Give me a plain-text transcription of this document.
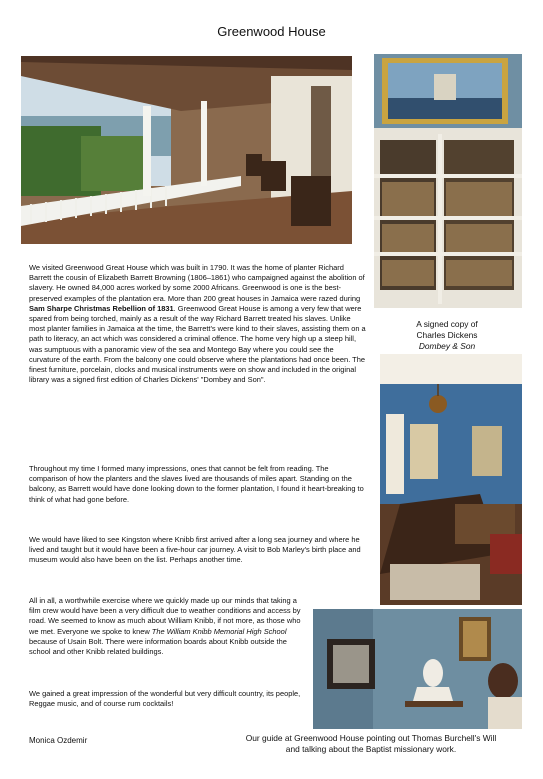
Greenwood House
A signed copy of
Charles Dickens
Dombey & Son
Our guide at Greenwood House pointing out Thomas Burchell's Will
and talking about the Baptist missionary work.

We visited Greenwood Great House which was built in 1790. It was the home of planter Richard Barrett the cousin of Elizabeth Barrett Browning (1806–1861) who campaigned against the abolition of slavery. He owned 84,000 acres worked by some 2000 Africans. Greenwood is one is the best-preserved examples of the plantation era. More than 200 great houses in Jamaica were razed during Sam Sharpe Christmas Rebellion of 1831. Greenwood Great House is among a very few that were spared from being torched, mainly as a result of the way Richard Barrett treated his slaves. Unlike most planter families in Jamaica at the time, the Barrett's were kind to their slaves, assisting them on a path to literacy, an act which was considered a criminal offence. The home very high up a steep hill, was sumptuous with a panoramic view of the sea and Montego Bay where you could see the curvature of the earth. From the balcony one could observe where the plantations had once been. The finest furniture, porcelain, clocks and musical instruments were on show and included in the original library was a signed first edition of Charles Dickens' "Dombey and Son".

Throughout my time I formed many impressions, ones that cannot be felt from reading. The comparison of how the planters and the slaves lived are thousands of miles apart. Standing on the balcony, as Barrett would have done looking down to the former plantation, I found it heart-breaking to think of what had gone before.

We would have liked to see Kingston where Knibb first arrived after a long sea journey and where he lived and taught but it would have been a five-hour car journey. A visit to Bob Marley's birth place and museum would also have been on the list. Perhaps another time.

All in all, a worthwhile exercise where we quickly made up our minds that taking a film crew would have been a very difficult due to weather conditions and access by road. We seemed to know as much about William Knibb, if not more, as those who we met. Everyone we spoke to knew The William Knibb Memorial High School because of Usain Bolt. There were information boards about Knibb outside the school and other Knibb related buildings.

We gained a great impression of the wonderful but very difficult country, its people, Reggae music, and of course rum cocktails!

Monica Ozdemir
